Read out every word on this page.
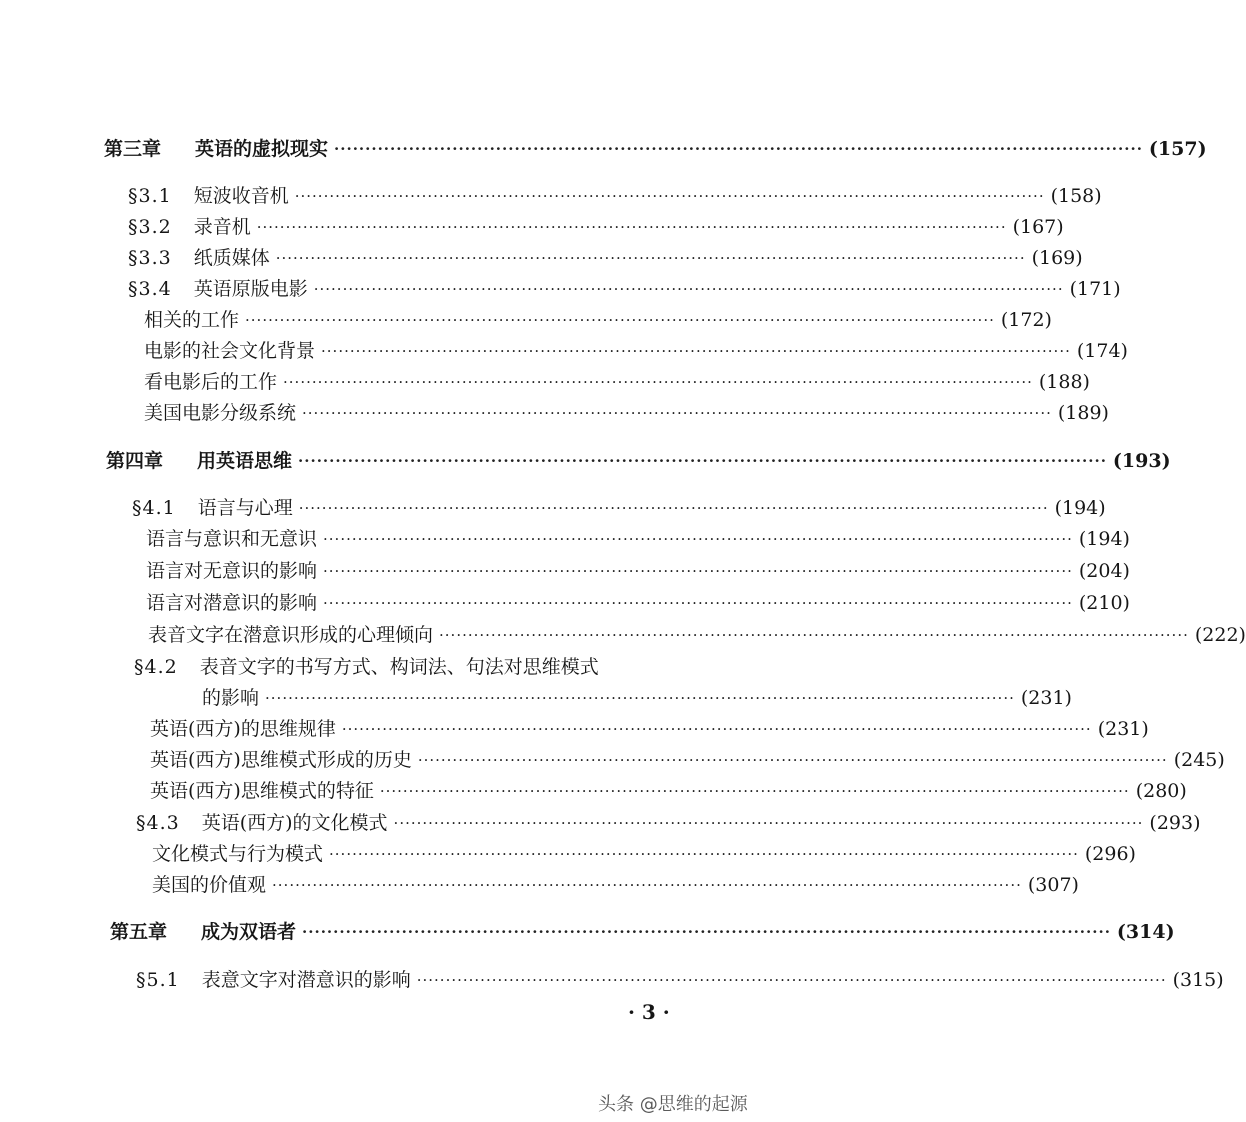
第三章 英语的虚拟现实 ·································································································································· (157)
§3.1 短波收音机 ·································································································································· (158)
§3.2 录音机 ·································································································································· (167)
§3.3 纸质媒体 ·································································································································· (169)
§3.4 英语原版电影 ·································································································································· (171)
相关的工作 ·································································································································· (172)
电影的社会文化背景 ·································································································································· (174)
看电影后的工作 ·································································································································· (188)
美国电影分级系统 ·································································································································· (189)
第四章 用英语思维 ·································································································································· (193)
§4.1 语言与心理 ·································································································································· (194)
语言与意识和无意识 ·································································································································· (194)
语言对无意识的影响 ·································································································································· (204)
语言对潜意识的影响 ·································································································································· (210)
表音文字在潜意识形成的心理倾向 ·································································································································· (222)
§4.2 表音文字的书写方式、构词法、句法对思维模式
的影响 ·································································································································· (231)
英语(西方)的思维规律 ·································································································································· (231)
英语(西方)思维模式形成的历史 ·································································································································· (245)
英语(西方)思维模式的特征 ·································································································································· (280)
§4.3 英语(西方)的文化模式 ·································································································································· (293)
文化模式与行为模式 ·································································································································· (296)
美国的价值观 ·································································································································· (307)
第五章 成为双语者 ·································································································································· (314)
§5.1 表意文字对潜意识的影响 ·································································································································· (315)
· 3 ·
头条 @思维的起源
